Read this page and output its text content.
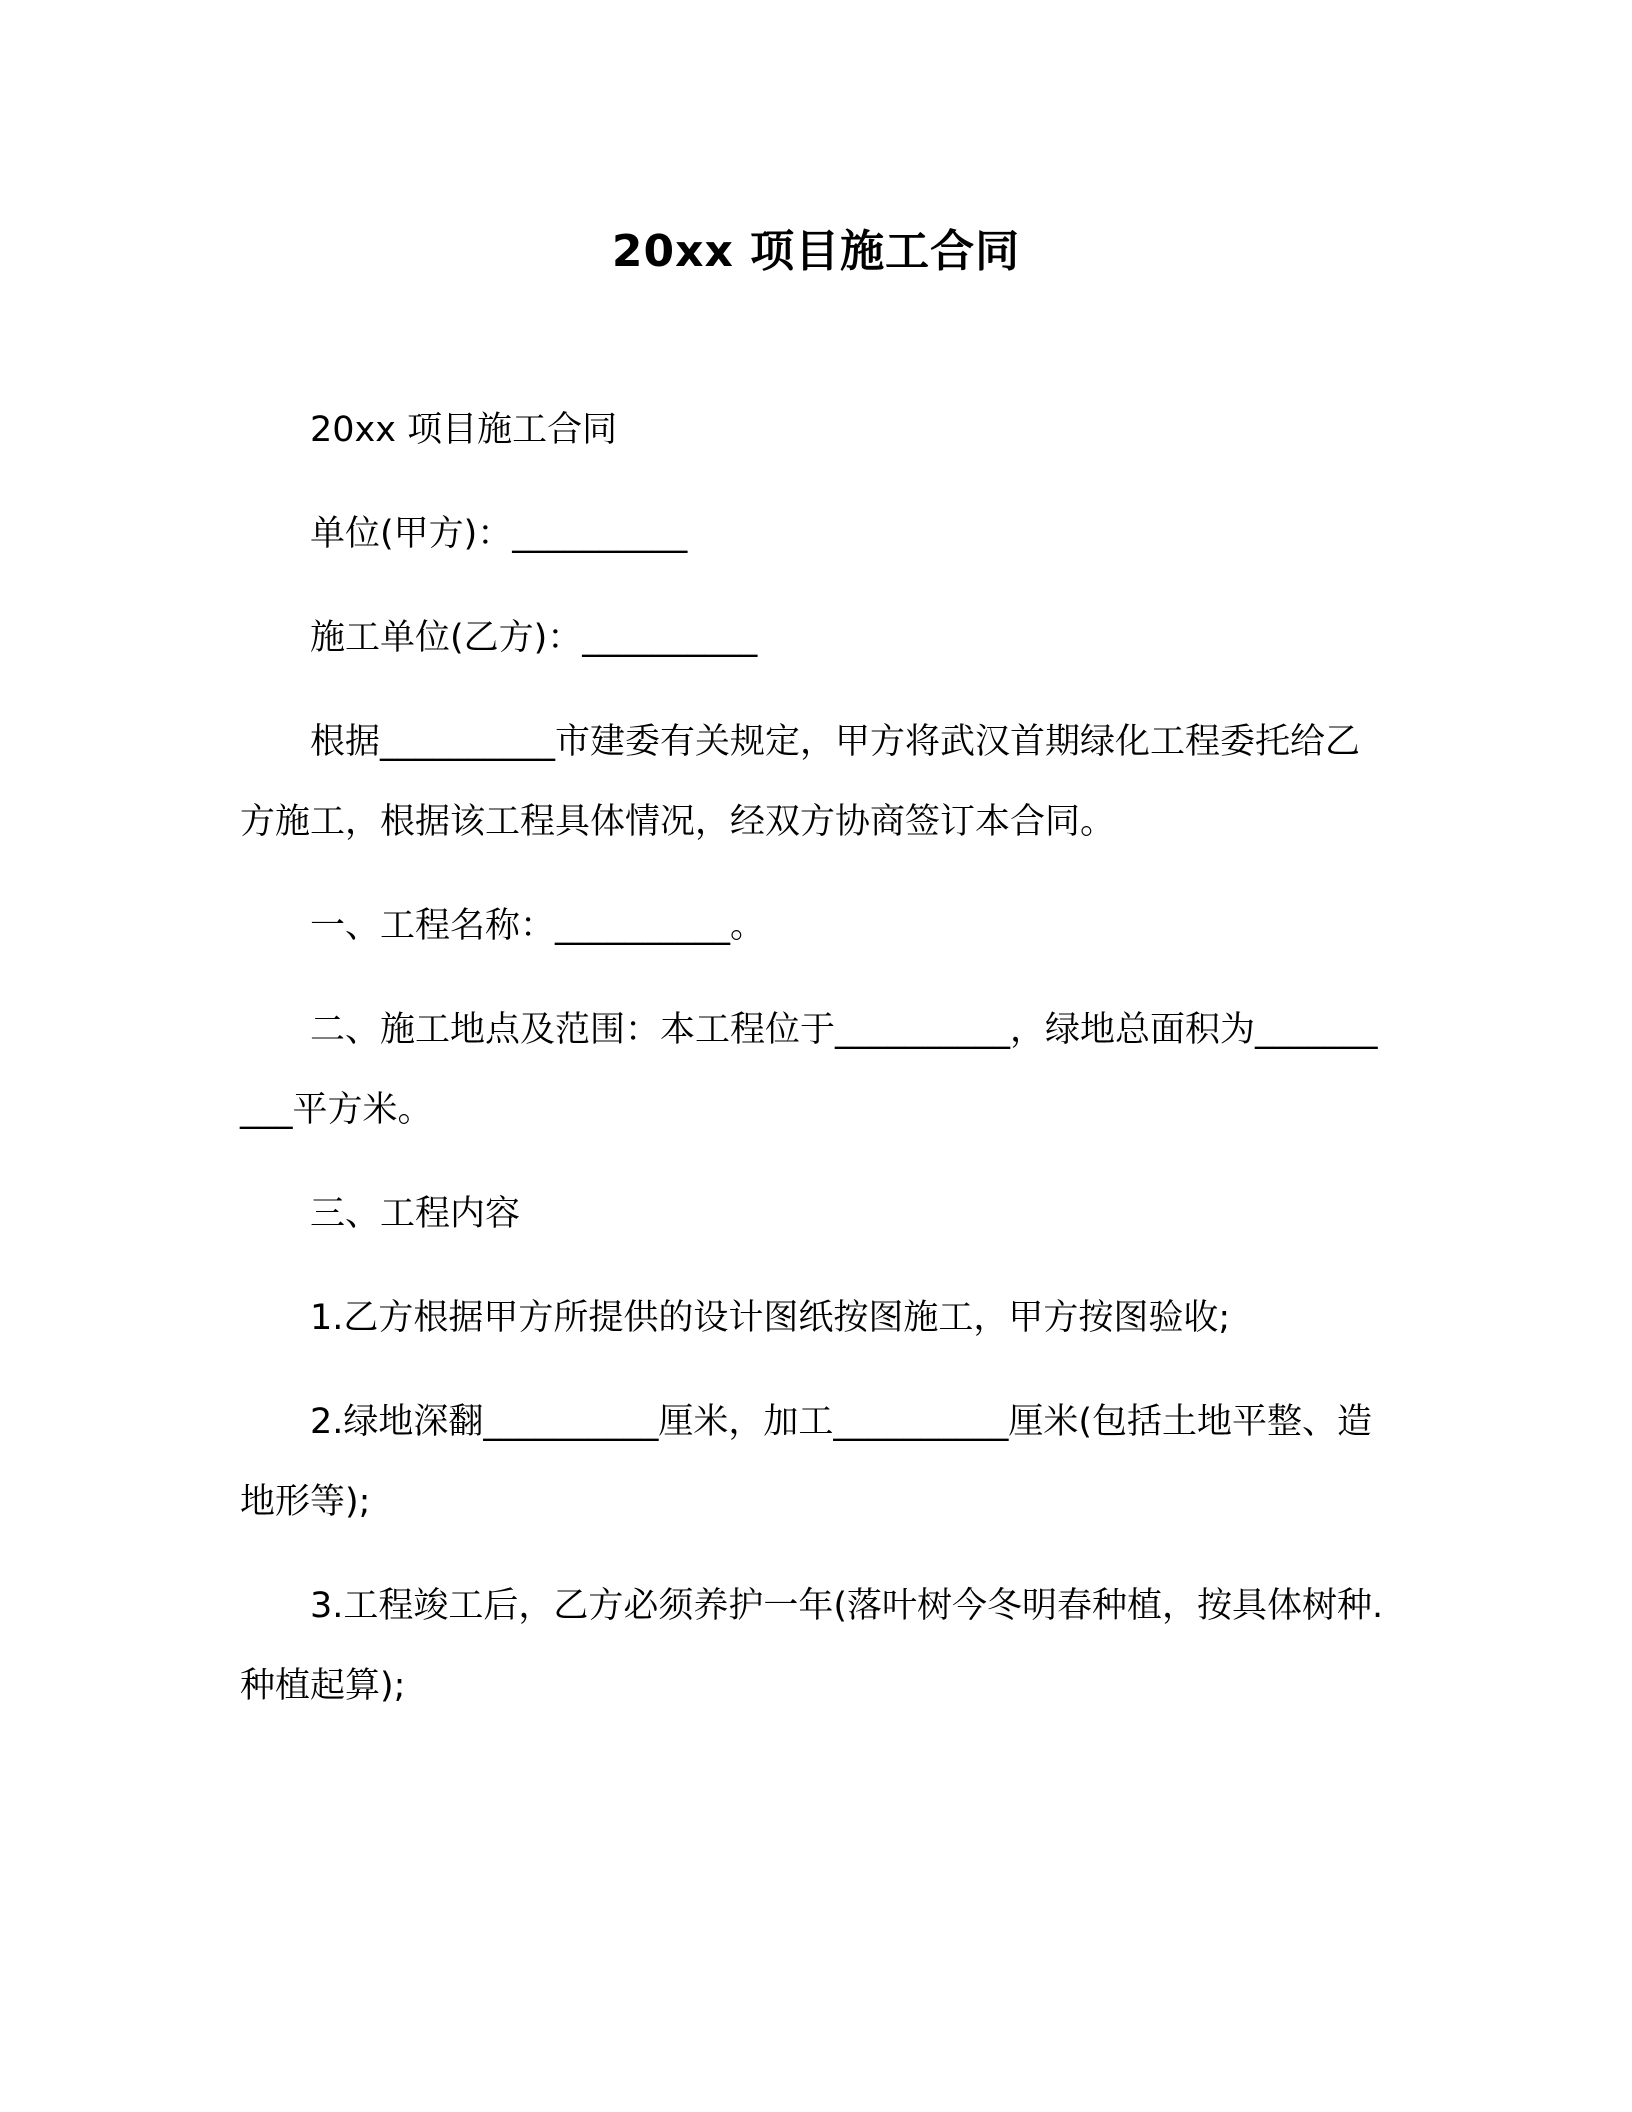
20xx 项目施工合同

20xx 项目施工合同

单位(甲方)：__________

施工单位(乙方)：__________

根据__________市建委有关规定，甲方将武汉首期绿化工程委托给乙方施工，根据该工程具体情况，经双方协商签订本合同。

一、工程名称：__________。

二、施工地点及范围：本工程位于__________，绿地总面积为__________平方米。

三、工程内容

1.乙方根据甲方所提供的设计图纸按图施工，甲方按图验收;

2.绿地深翻__________厘米，加工__________厘米(包括土地平整、造地形等);

3.工程竣工后，乙方必须养护一年(落叶树今冬明春种植，按具体树种.种植起算);
